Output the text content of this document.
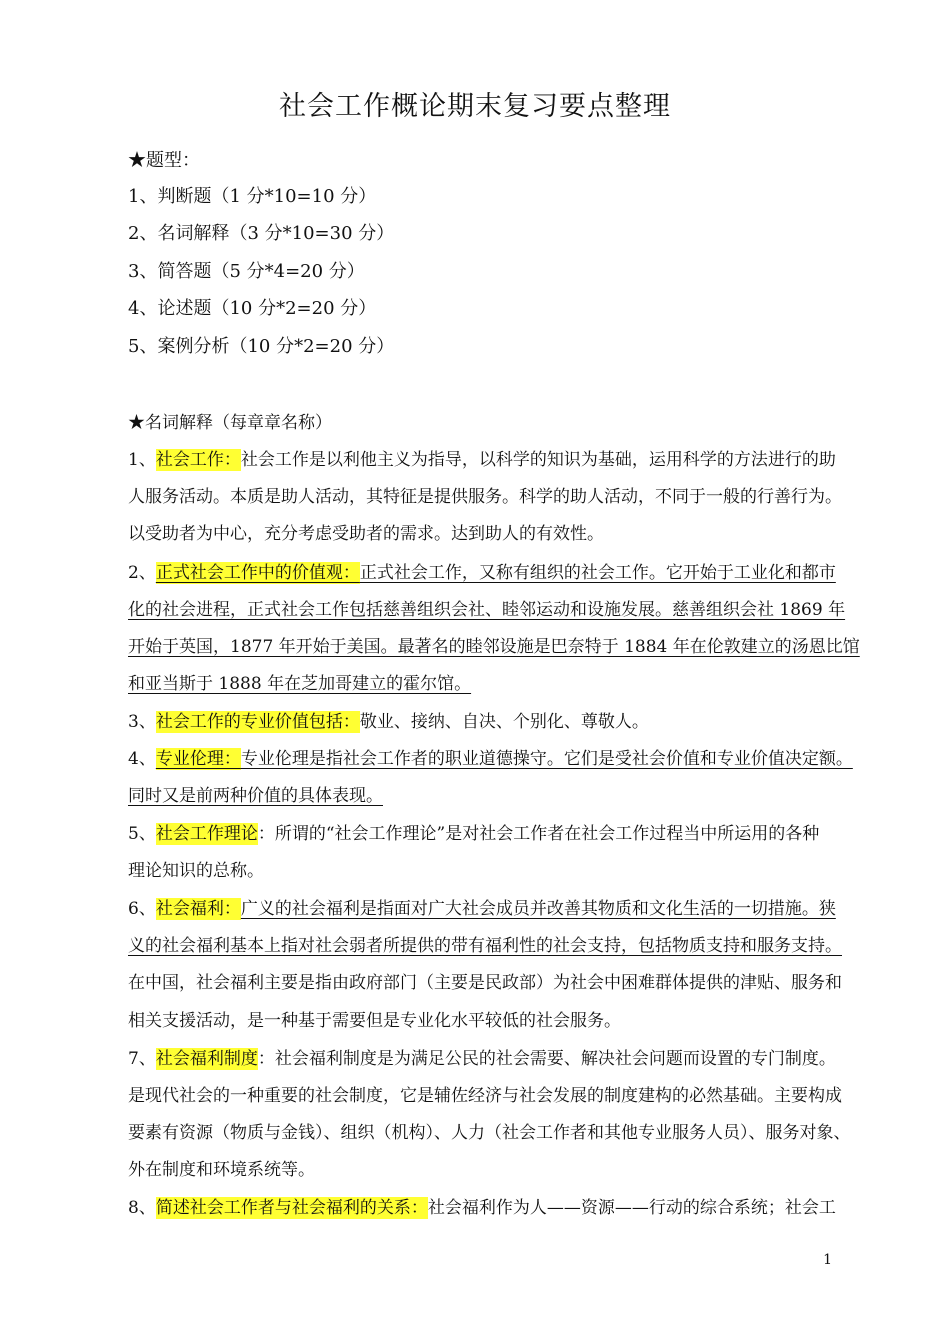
社会工作概论期末复习要点整理
★题型：
1、判断题（1 分*10=10 分）
2、名词解释（3 分*10=30 分）
3、简答题（5 分*4=20 分）
4、论述题（10 分*2=20 分）
5、案例分析（10 分*2=20 分）
★名词解释（每章章名称）
1、社会工作：社会工作是以利他主义为指导，以科学的知识为基础，运用科学的方法进行的助
人服务活动。本质是助人活动，其特征是提供服务。科学的助人活动，不同于一般的行善行为。
以受助者为中心，充分考虑受助者的需求。达到助人的有效性。
2、正式社会工作中的价值观：正式社会工作，又称有组织的社会工作。它开始于工业化和都市
化的社会进程，正式社会工作包括慈善组织会社、睦邻运动和设施发展。慈善组织会社 1869 年
开始于英国，1877 年开始于美国。最著名的睦邻设施是巴奈特于 1884 年在伦敦建立的汤恩比馆
和亚当斯于 1888 年在芝加哥建立的霍尔馆。
3、社会工作的专业价值包括：敬业、接纳、自决、个别化、尊敬人。
4、专业伦理：专业伦理是指社会工作者的职业道德操守。它们是受社会价值和专业价值决定额。
同时又是前两种价值的具体表现。
5、社会工作理论：所谓的“社会工作理论”是对社会工作者在社会工作过程当中所运用的各种
理论知识的总称。
6、社会福利：广义的社会福利是指面对广大社会成员并改善其物质和文化生活的一切措施。狭
义的社会福利基本上指对社会弱者所提供的带有福利性的社会支持，包括物质支持和服务支持。
在中国，社会福利主要是指由政府部门（主要是民政部）为社会中困难群体提供的津贴、服务和
相关支援活动，是一种基于需要但是专业化水平较低的社会服务。
7、社会福利制度：社会福利制度是为满足公民的社会需要、解决社会问题而设置的专门制度。
是现代社会的一种重要的社会制度，它是辅佐经济与社会发展的制度建构的必然基础。主要构成
要素有资源（物质与金钱）、组织（机构）、人力（社会工作者和其他专业服务人员）、服务对象、
外在制度和环境系统等。
8、简述社会工作者与社会福利的关系：社会福利作为人——资源——行动的综合系统；社会工
1
